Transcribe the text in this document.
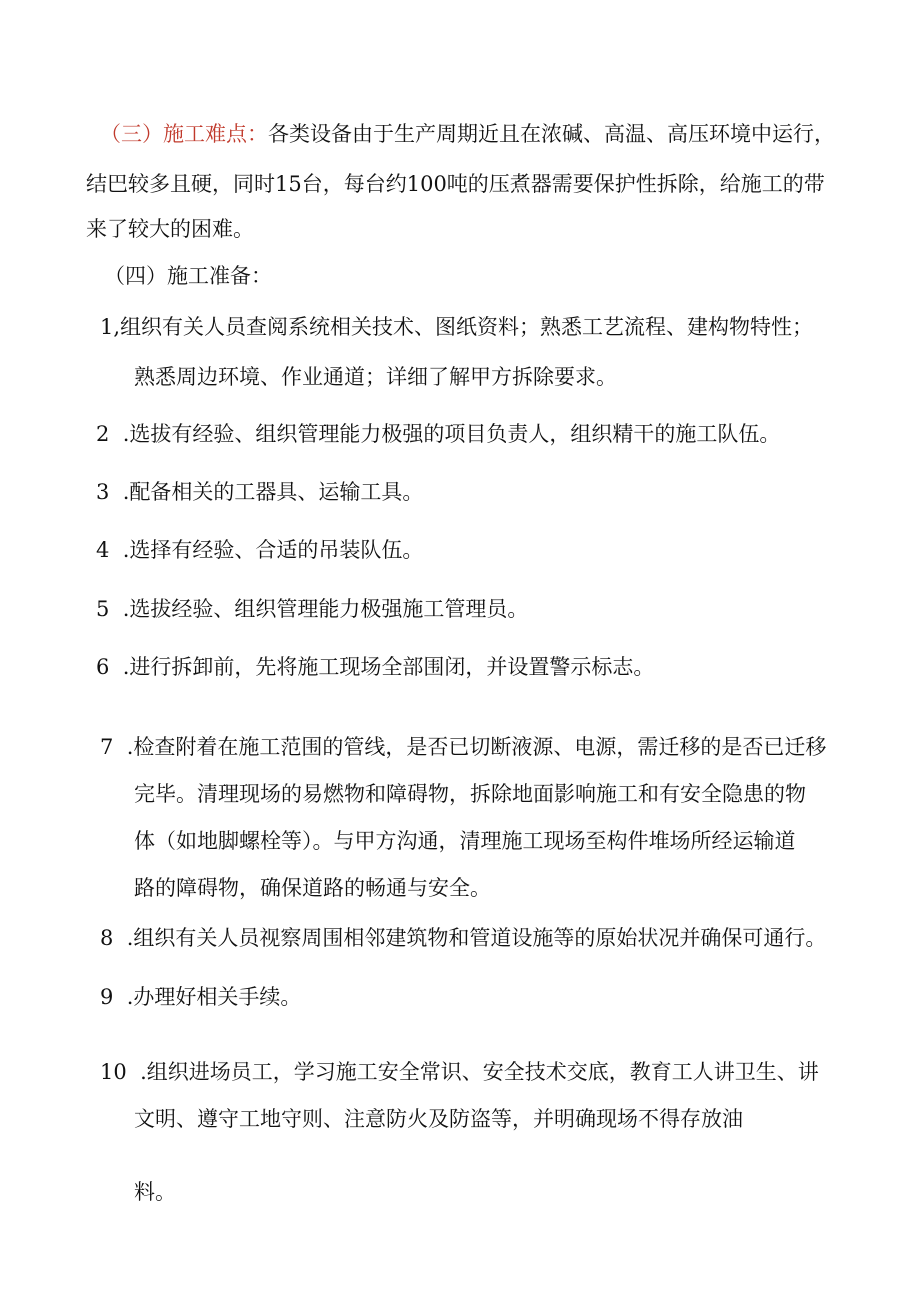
（三）施工难点：各类设备由于生产周期近且在浓碱、高温、高压环境中运行，
结巴较多且硬，同时15台，每台约100吨的压煮器需要保护性拆除，给施工的带
来了较大的困难。
（四）施工准备：
1,组织有关人员查阅系统相关技术、图纸资料；熟悉工艺流程、建构物特性；
熟悉周边环境、作业通道；详细了解甲方拆除要求。
2 .选拔有经验、组织管理能力极强的项目负责人，组织精干的施工队伍。
3 .配备相关的工器具、运输工具。
4 .选择有经验、合适的吊装队伍。
5 .选拔经验、组织管理能力极强施工管理员。
6 .进行拆卸前，先将施工现场全部围闭，并设置警示标志。
7 .检查附着在施工范围的管线，是否已切断液源、电源，需迁移的是否已迁移
完毕。清理现场的易燃物和障碍物，拆除地面影响施工和有安全隐患的物
体（如地脚螺栓等）。与甲方沟通，清理施工现场至构件堆场所经运输道
路的障碍物，确保道路的畅通与安全。
8 .组织有关人员视察周围相邻建筑物和管道设施等的原始状况并确保可通行。
9 .办理好相关手续。
10 .组织进场员工，学习施工安全常识、安全技术交底，教育工人讲卫生、讲
文明、遵守工地守则、注意防火及防盗等，并明确现场不得存放油
料。
